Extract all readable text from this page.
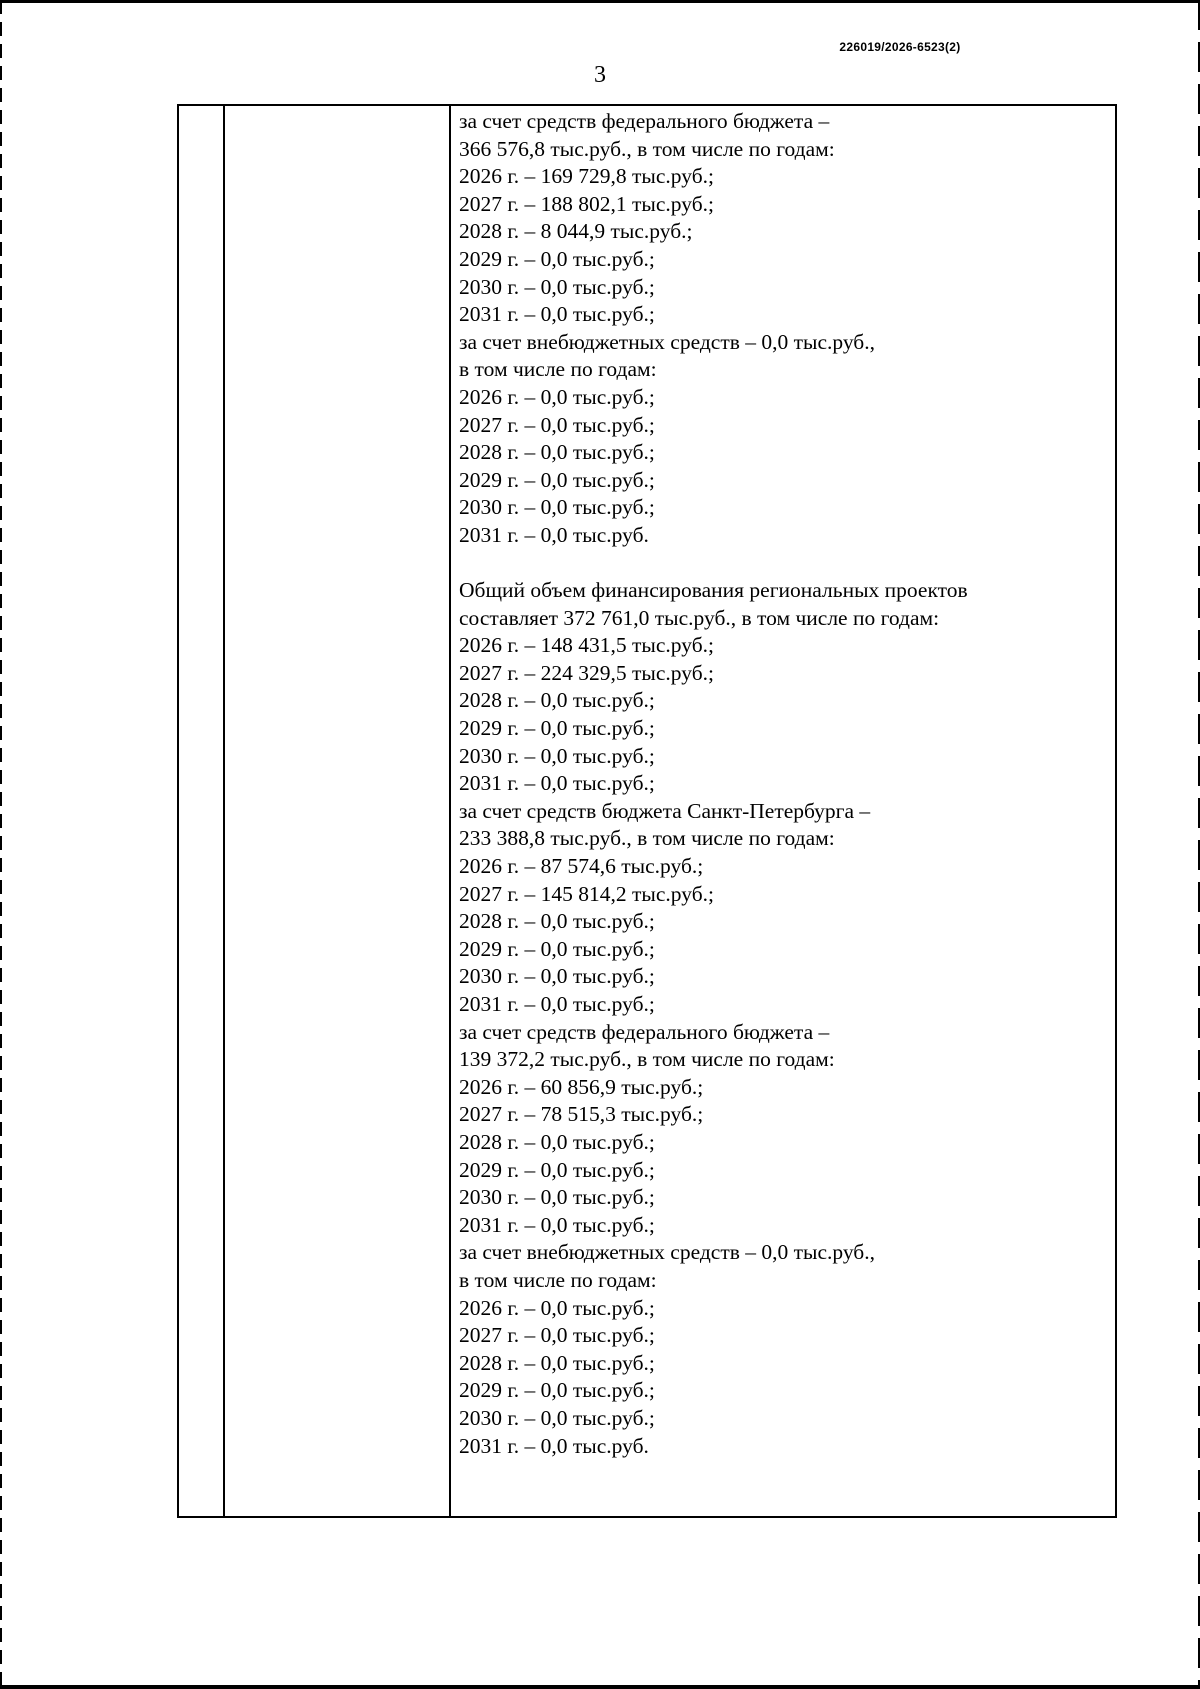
226019/2026-6523(2)
3
за счет средств федерального бюджета –
366 576,8 тыс.руб., в том числе по годам:
2026 г. – 169 729,8 тыс.руб.;
2027 г. – 188 802,1 тыс.руб.;
2028 г. – 8 044,9 тыс.руб.;
2029 г. – 0,0 тыс.руб.;
2030 г. – 0,0 тыс.руб.;
2031 г. – 0,0 тыс.руб.;
за счет внебюджетных средств – 0,0 тыс.руб.,
в том числе по годам:
2026 г. – 0,0 тыс.руб.;
2027 г. – 0,0 тыс.руб.;
2028 г. – 0,0 тыс.руб.;
2029 г. – 0,0 тыс.руб.;
2030 г. – 0,0 тыс.руб.;
2031 г. – 0,0 тыс.руб.
Общий объем финансирования региональных проектов
составляет 372 761,0 тыс.руб., в том числе по годам:
2026 г. – 148 431,5 тыс.руб.;
2027 г. – 224 329,5 тыс.руб.;
2028 г. – 0,0 тыс.руб.;
2029 г. – 0,0 тыс.руб.;
2030 г. – 0,0 тыс.руб.;
2031 г. – 0,0 тыс.руб.;
за счет средств бюджета Санкт-Петербурга –
233 388,8 тыс.руб., в том числе по годам:
2026 г. – 87 574,6 тыс.руб.;
2027 г. – 145 814,2 тыс.руб.;
2028 г. – 0,0 тыс.руб.;
2029 г. – 0,0 тыс.руб.;
2030 г. – 0,0 тыс.руб.;
2031 г. – 0,0 тыс.руб.;
за счет средств федерального бюджета –
139 372,2 тыс.руб., в том числе по годам:
2026 г. – 60 856,9 тыс.руб.;
2027 г. – 78 515,3 тыс.руб.;
2028 г. – 0,0 тыс.руб.;
2029 г. – 0,0 тыс.руб.;
2030 г. – 0,0 тыс.руб.;
2031 г. – 0,0 тыс.руб.;
за счет внебюджетных средств – 0,0 тыс.руб.,
в том числе по годам:
2026 г. – 0,0 тыс.руб.;
2027 г. – 0,0 тыс.руб.;
2028 г. – 0,0 тыс.руб.;
2029 г. – 0,0 тыс.руб.;
2030 г. – 0,0 тыс.руб.;
2031 г. – 0,0 тыс.руб.
